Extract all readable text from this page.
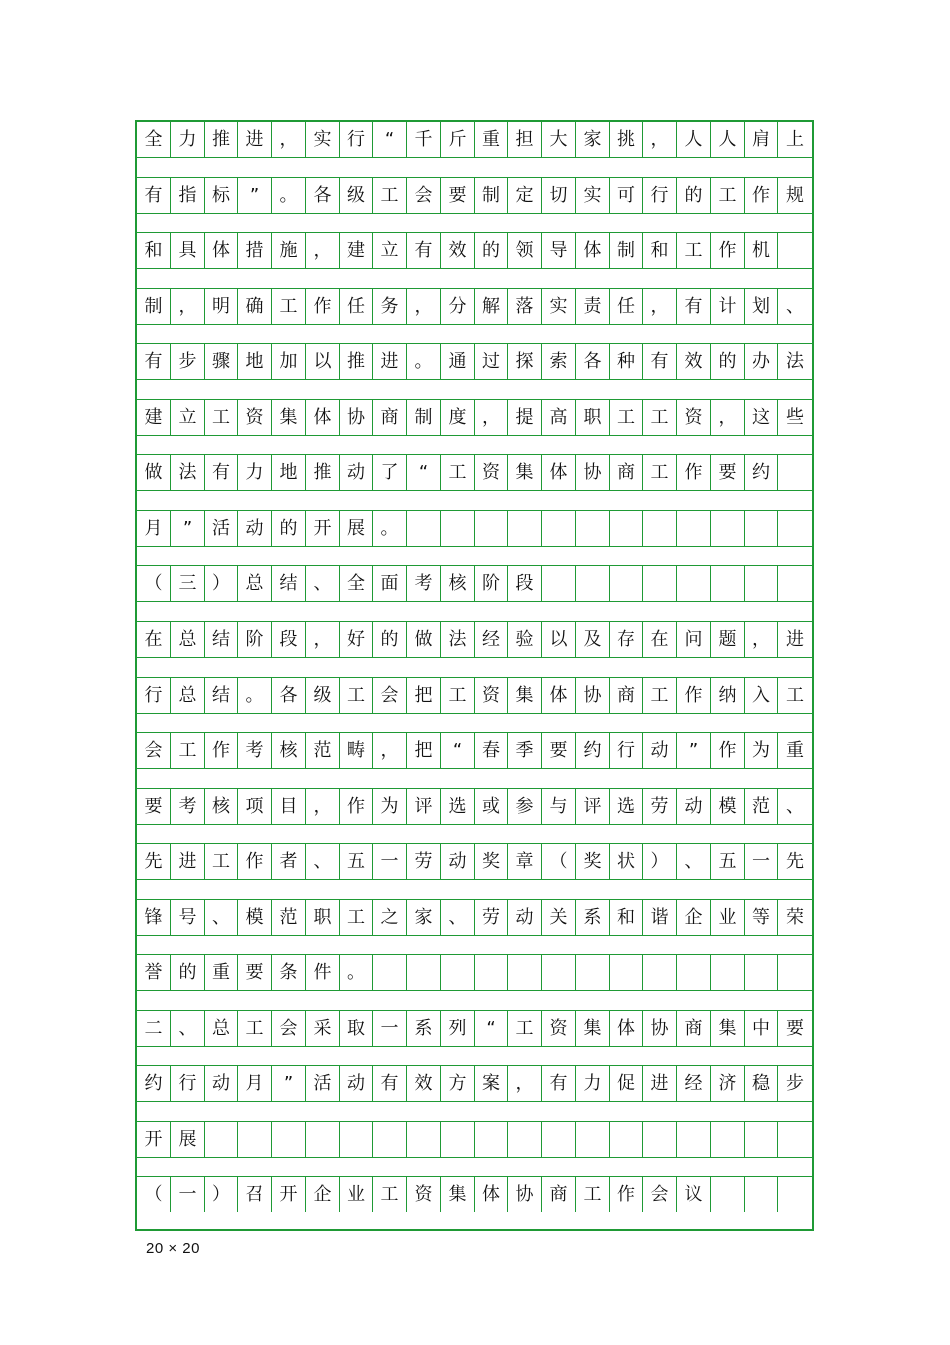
全 力 推 进 ， 实 行	“	千 斤 重 担 大 家 挑 ， 人 人 肩 上
有 指 标	”	。 各 级 工 会 要 制 定 切 实 可 行 的 工 作 规
和 具 体 措 施 ， 建 立 有 效 的 领 导 体 制 和 工 作 机
制 ， 明 确 工 作 任 务 ， 分 解 落 实 责 任 ， 有 计 划 、
有 步 骤 地 加 以 推 进 。 通 过 探 索 各 种 有 效 的 办 法
建 立 工 资 集 体 协 商 制 度 ， 提 高 职 工 工 资 ， 这 些
做 法 有 力 地 推 动 了	“	工 资 集 体 协 商 工 作 要 约
月	”	活 动 的 开 展 。
（ 三 ） 总 结 、 全 面 考 核 阶 段
在 总 结 阶 段 ， 好 的 做 法 经 验 以 及 存 在 问 题 ， 进
行 总 结 。 各 级 工 会 把 工 资 集 体 协 商 工 作 纳 入 工
会 工 作 考 核 范 畴 ， 把	“	春 季 要 约 行 动	”	作 为 重
要 考 核 项 目 ， 作 为 评 选 或 参 与 评 选 劳 动 模 范 、
先 进 工 作 者 、 五 一 劳 动 奖 章 （ 奖 状 ） 、 五 一 先
锋 号 、 模 范 职 工 之 家 、 劳 动 关 系 和 谐 企 业 等 荣
誉 的 重 要 条 件 。
二 、 总 工 会 采 取 一 系 列	“	工 资 集 体 协 商 集 中 要
约 行 动 月	”	活 动 有 效 方 案 ， 有 力 促 进 经 济 稳 步
开 展
（ 一 ） 召 开 企 业 工 资 集 体 协 商 工 作 会 议
20 × 20
